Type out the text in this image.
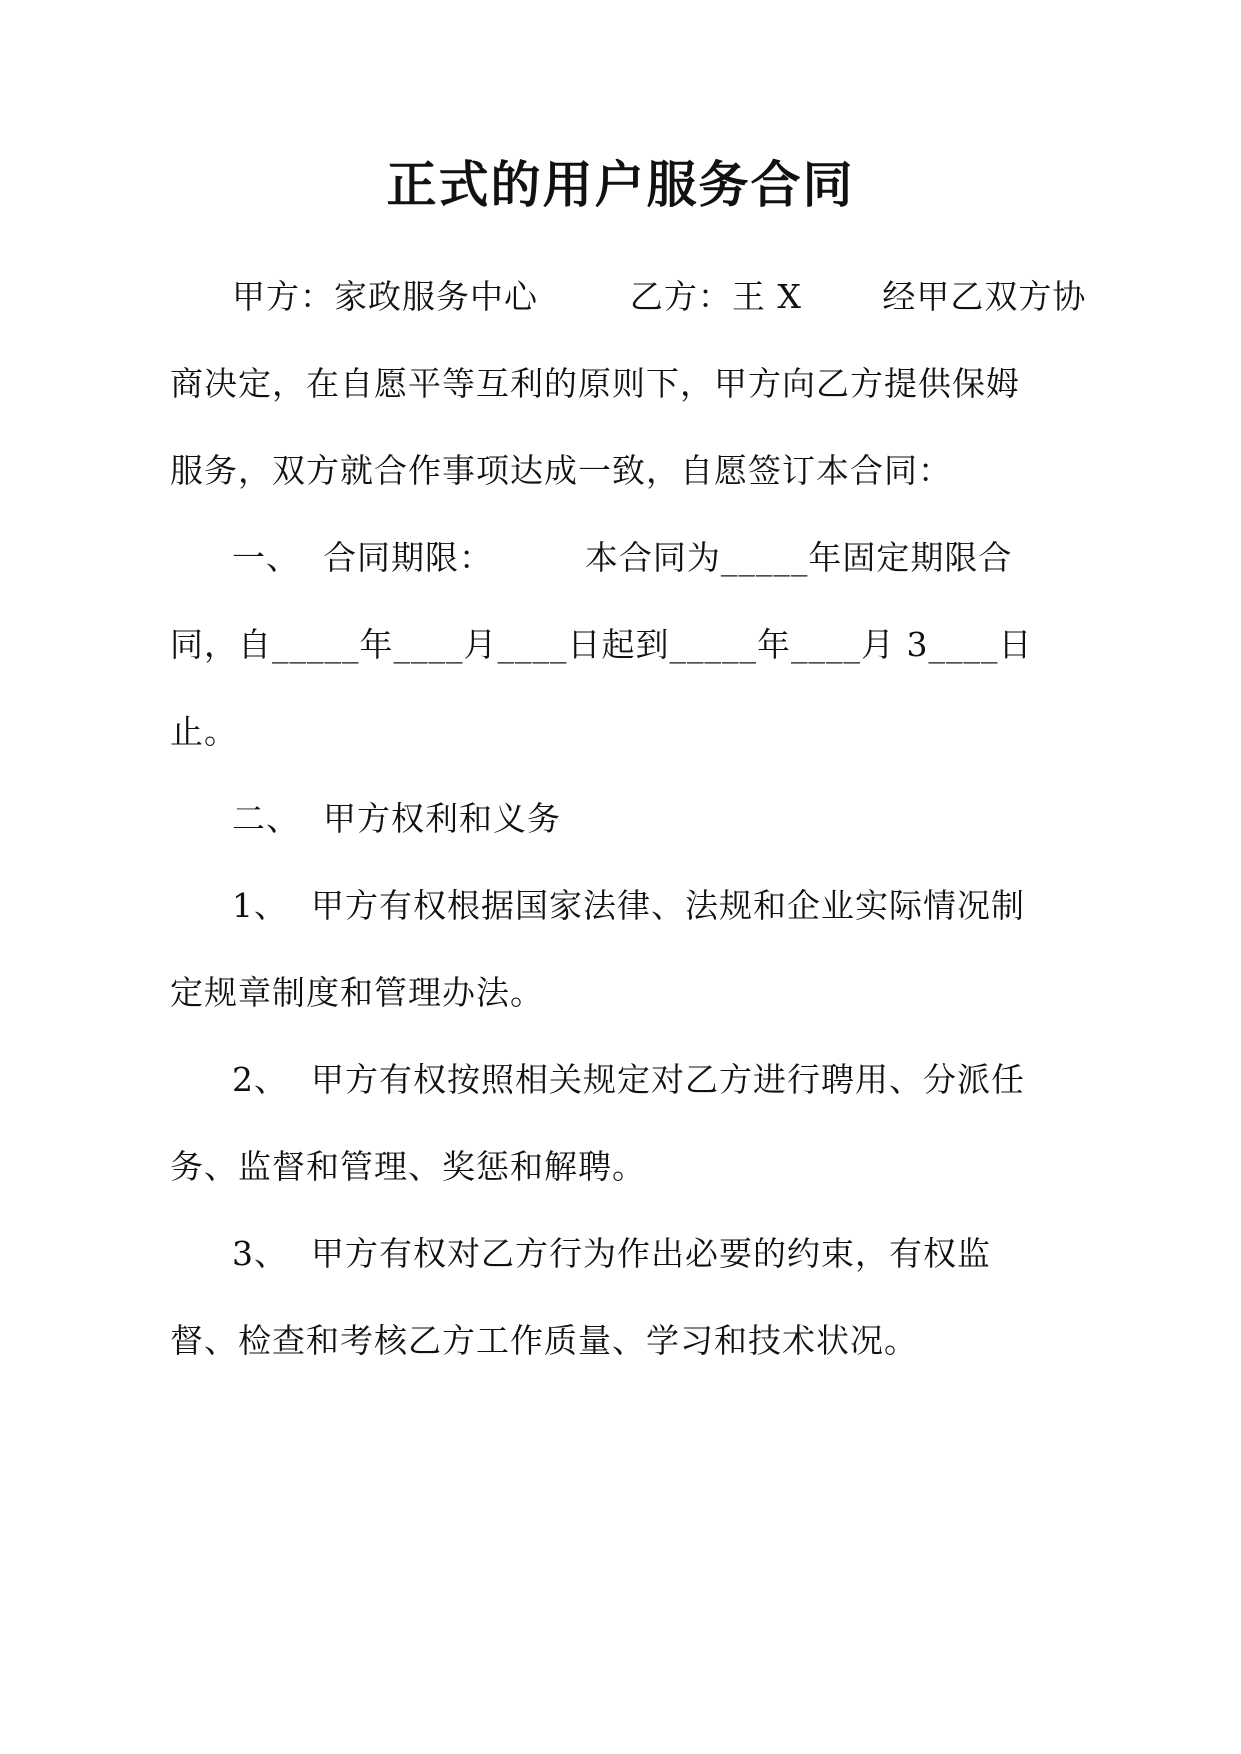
正式的用户服务合同
甲方：家政服务中心        乙方：王 X       经甲乙双方协
商决定，在自愿平等互利的原则下，甲方向乙方提供保姆
服务，双方就合作事项达成一致，自愿签订本合同：
一、  合同期限：        本合同为_____年固定期限合
同，自_____年____月____日起到_____年____月 3____日
止。
二、  甲方权利和义务
1、  甲方有权根据国家法律、法规和企业实际情况制
定规章制度和管理办法。
2、  甲方有权按照相关规定对乙方进行聘用、分派任
务、监督和管理、奖惩和解聘。
3、  甲方有权对乙方行为作出必要的约束，有权监
督、检查和考核乙方工作质量、学习和技术状况。
